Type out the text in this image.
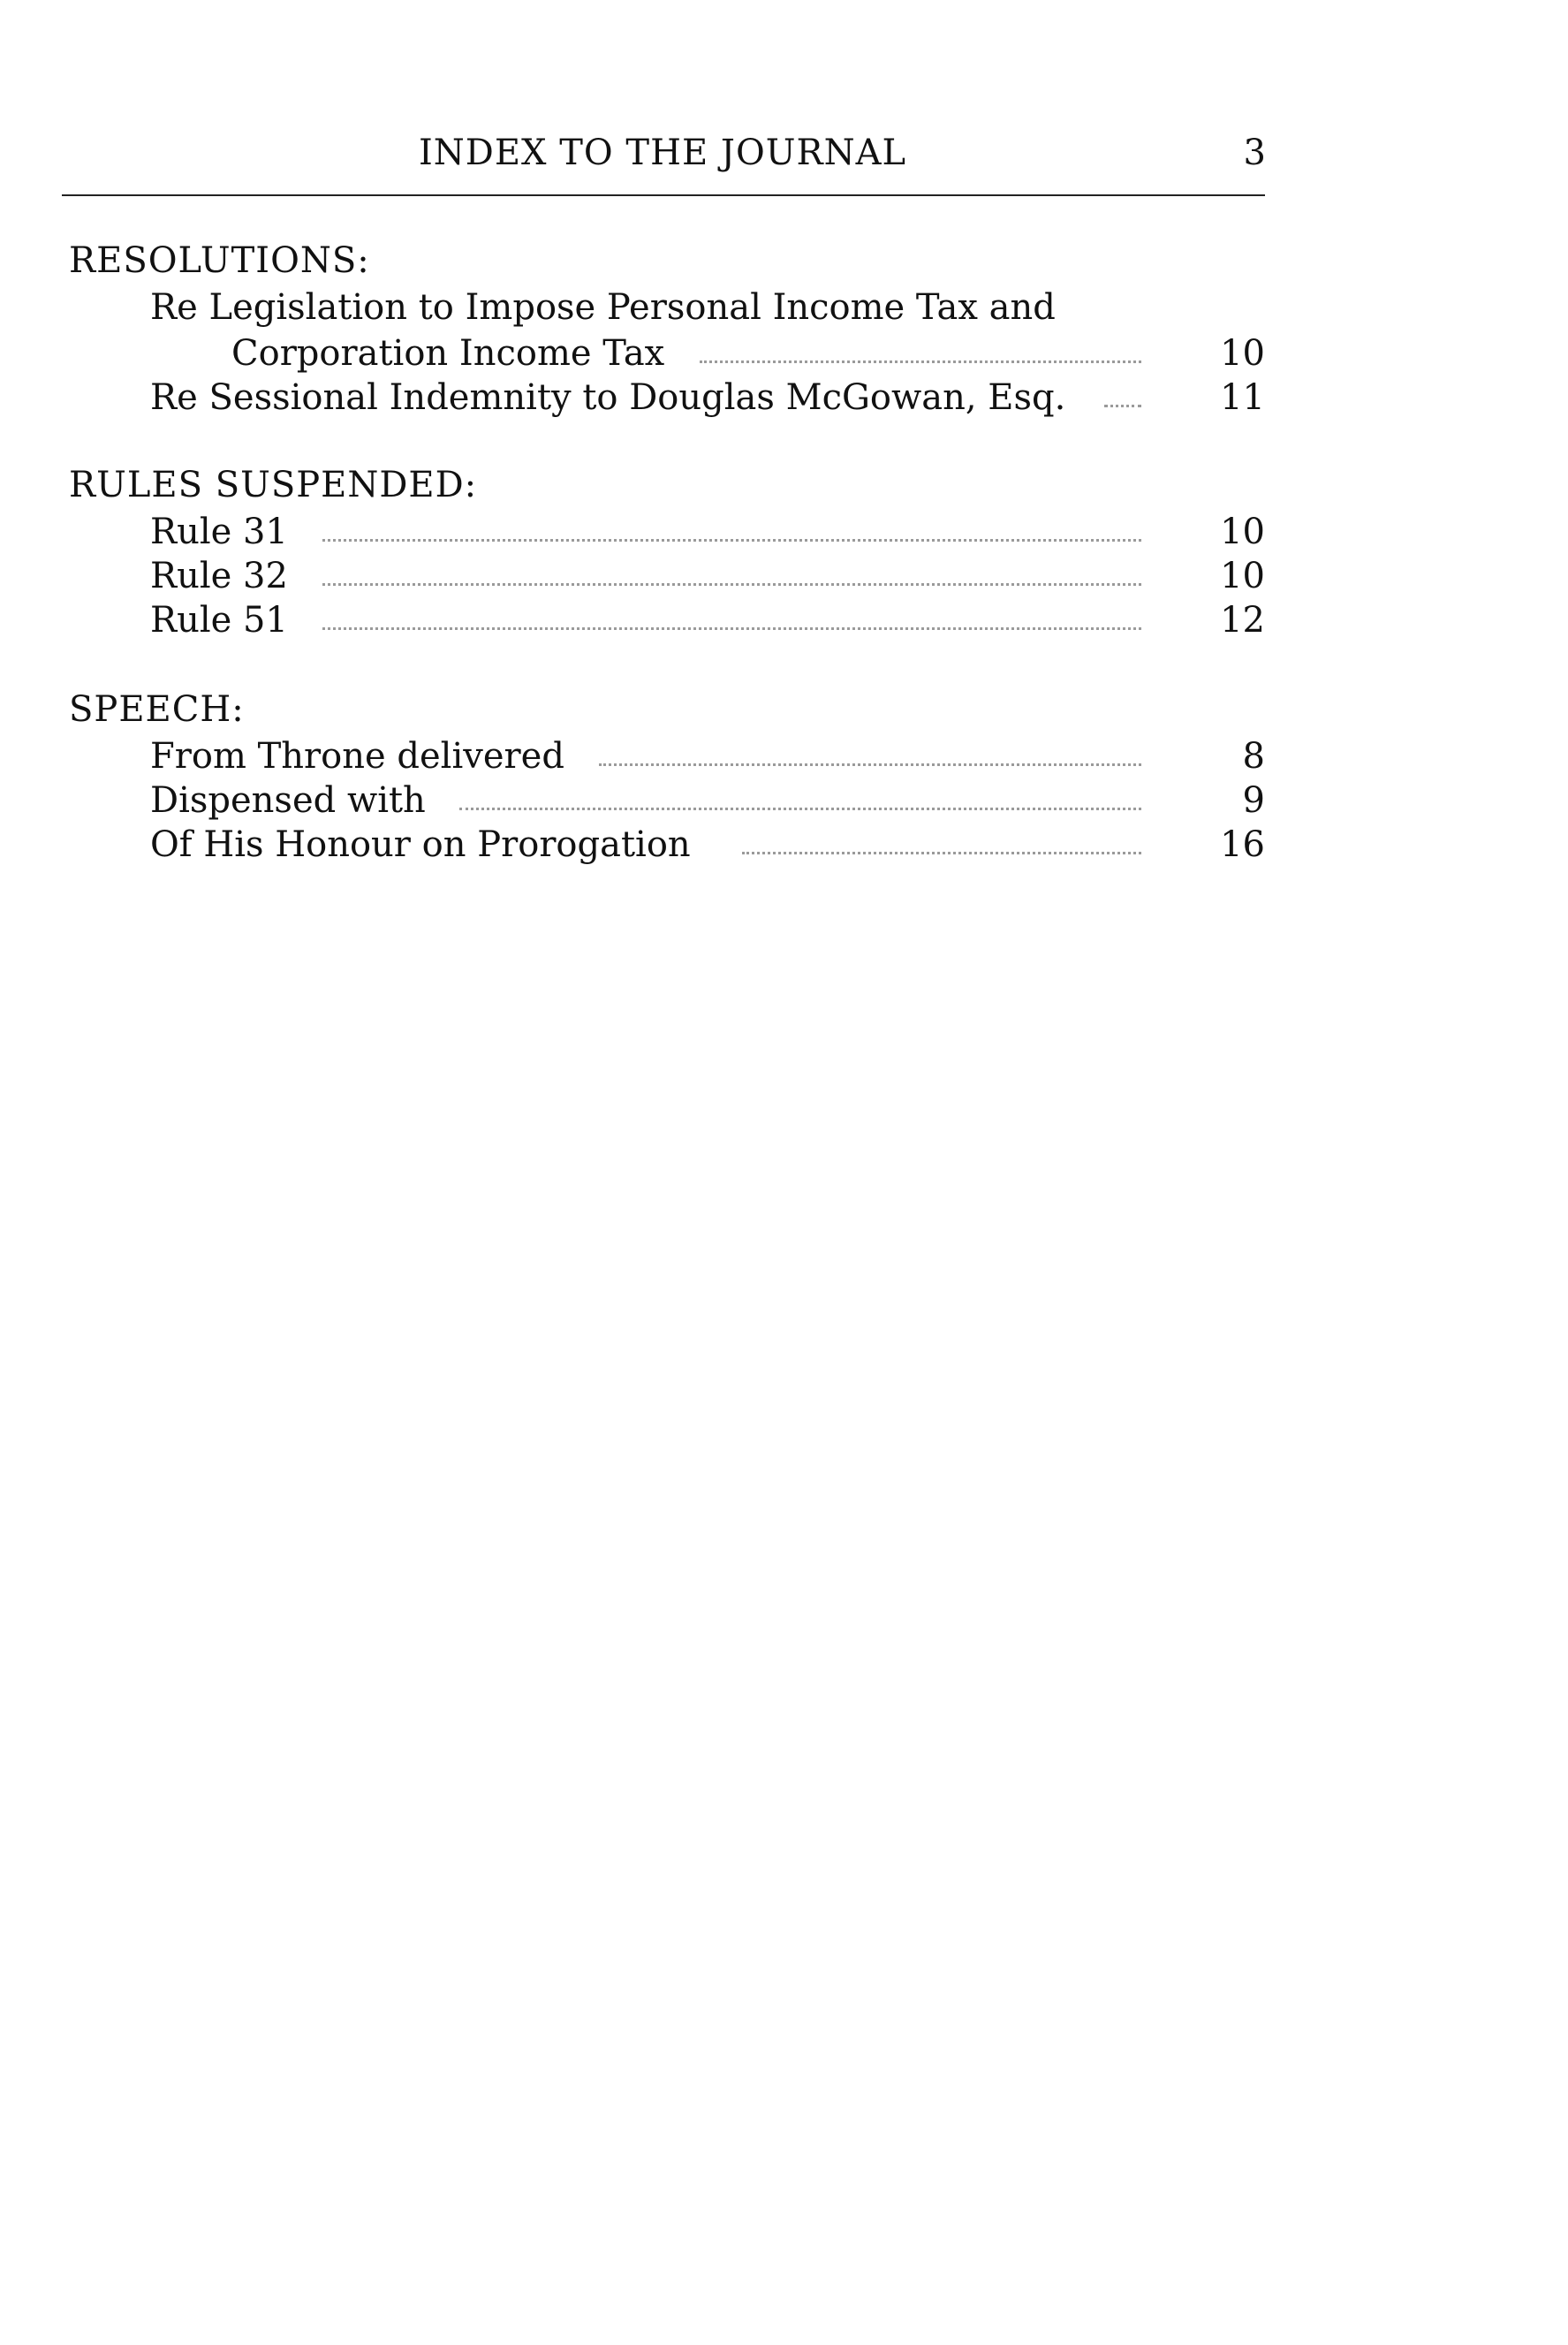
INDEX TO THE JOURNAL	3
RESOLUTIONS:
Re Legislation to Impose Personal Income Tax and
Corporation Income Tax	10
Re Sessional Indemnity to Douglas McGowan, Esq.	11
RULES SUSPENDED:
Rule 31	10
Rule 32	10
Rule 51	12
SPEECH:
From Throne delivered	8
Dispensed with	9
Of His Honour on Prorogation	16
